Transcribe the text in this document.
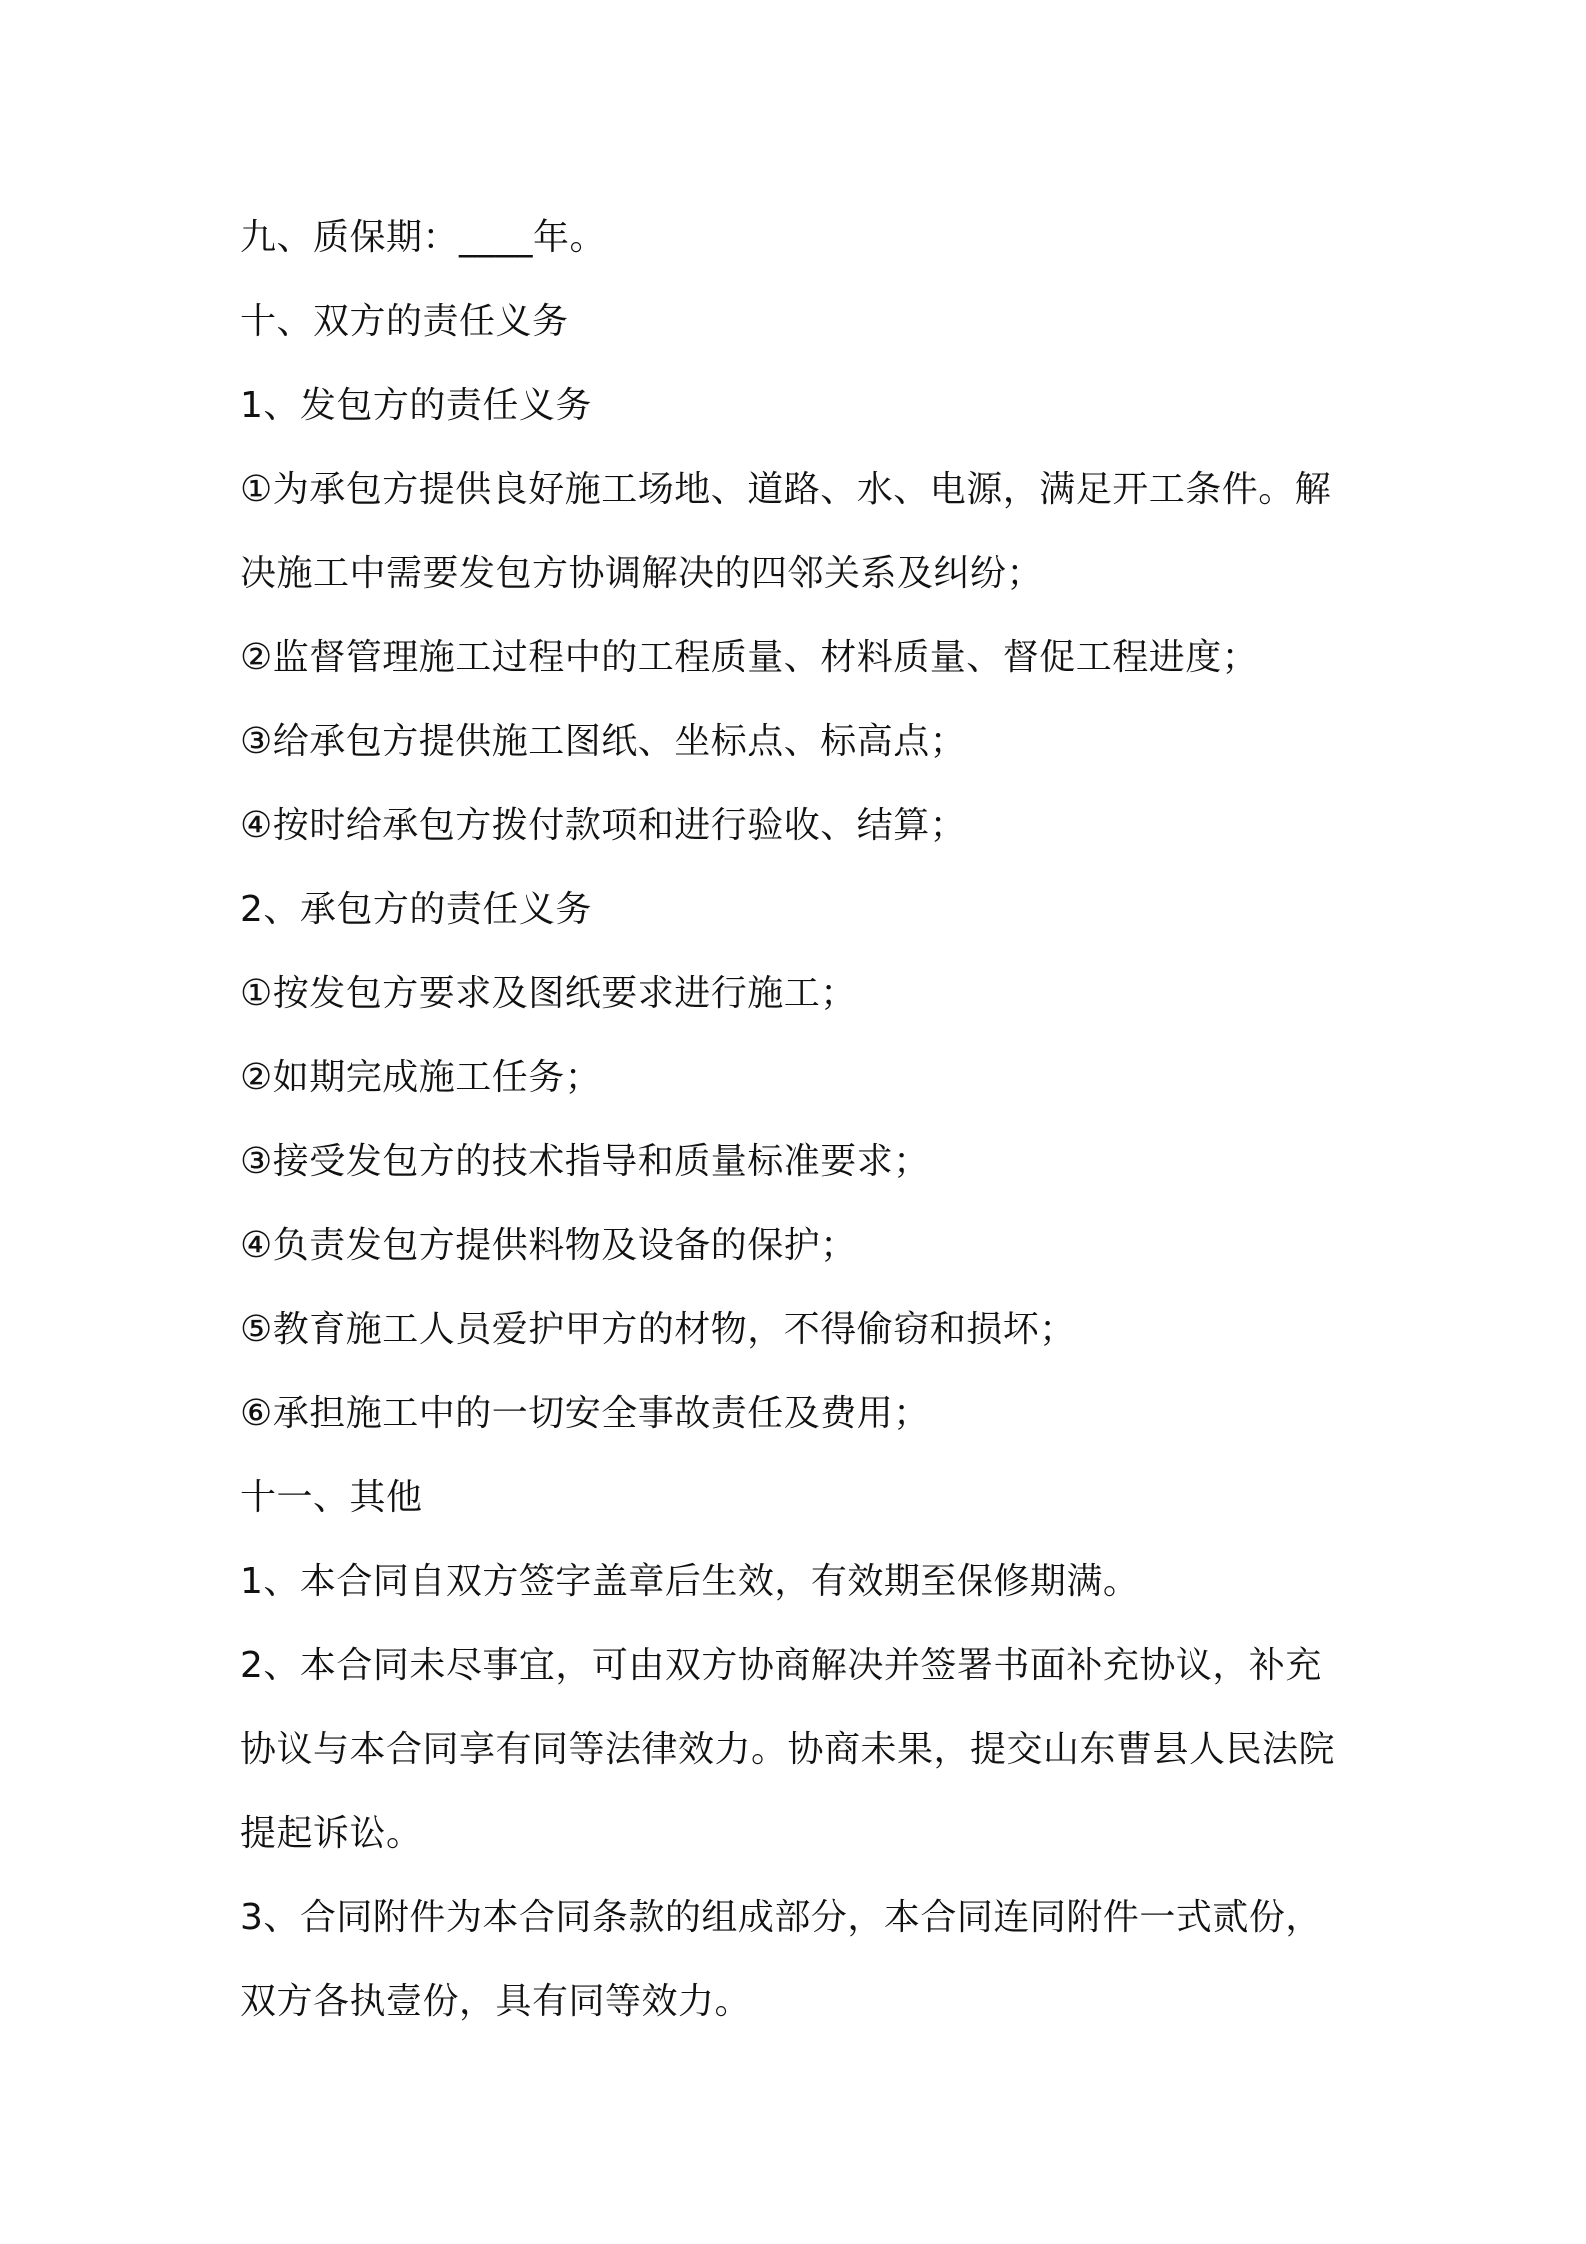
九、质保期：____年。
十、双方的责任义务
1、发包方的责任义务
①为承包方提供良好施工场地、道路、水、电源，满足开工条件。解
决施工中需要发包方协调解决的四邻关系及纠纷；
②监督管理施工过程中的工程质量、材料质量、督促工程进度；
③给承包方提供施工图纸、坐标点、标高点；
④按时给承包方拨付款项和进行验收、结算；
2、承包方的责任义务
①按发包方要求及图纸要求进行施工；
②如期完成施工任务；
③接受发包方的技术指导和质量标准要求；
④负责发包方提供料物及设备的保护；
⑤教育施工人员爱护甲方的材物，不得偷窃和损坏；
⑥承担施工中的一切安全事故责任及费用；
十一、其他
1、本合同自双方签字盖章后生效，有效期至保修期满。
2、本合同未尽事宜，可由双方协商解决并签署书面补充协议，补充
协议与本合同享有同等法律效力。协商未果，提交山东曹县人民法院
提起诉讼。
3、合同附件为本合同条款的组成部分，本合同连同附件一式贰份，
双方各执壹份，具有同等效力。
